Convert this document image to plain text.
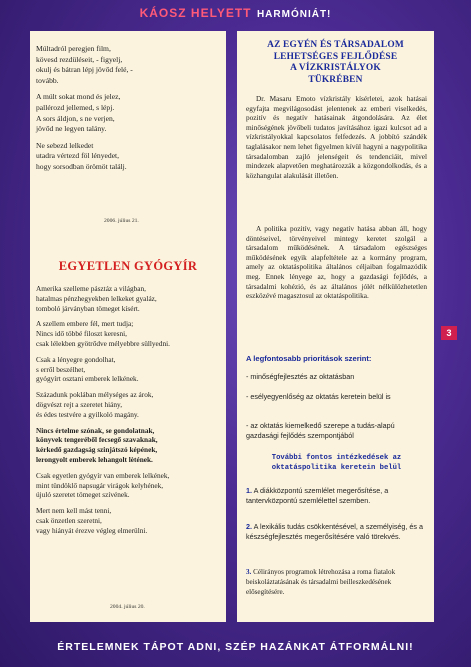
KÁOSZ HELYETT HARMÓNIÁT!

Múltadról peregjen film,
kövesd rezdüléseit, - figyelj,
okulj és bátran lépj jövőd felé, -
tovább.

A múlt sokat mond és jelez,
pallérozd jellemed, s lépj.
A sors áldjon, s ne verjen,
jövőd ne legyen talány.

Ne sebezd lelkedet
utadra vértezd föl lényedet,
hogy sorsodban örömöt találj.

2006. július 21.
EGYETLEN GYÓGYÍR

Amerika szelleme pásztáz a világban,
hatalmas pénzhegyekben lelkeket gyaláz,
tomboló járványban tömeget kísért.

A szellem embere fél, mert tudja;
Nincs idő többé filoszt keresni,
csak lélekben gyötrődve mélyebbre süllyedni.

Csak a lényegre gondolhat,
s erről beszélhet,
gyógyírt osztani emberek lelkének.

Századunk poklában mélységes az árok,
dögvészt rejt a szeretet hiány,
és édes testvére a gyilkoló magány.

Nincs értelme szónak, se gondolatnak,
könyvek tengeréből fecsegő szavaknak,
kérkedő gazdagság szinjátszó képének,
lerongyolt emberek lehangolt lètének.

Csak egyetlen gyógyír van emberek lelkének,
mint tündöklő napsugár virágok kelyhének,
újuló szeretet tömeget szívének.

Mert nem kell mást tenni,
csak önzetlen szeretni,
vagy hiányát érezve végleg elmerülni.

2004. július 20.
AZ EGYÉN ÉS TÁRSADALOM
LEHETSÉGES FEJLŐDÉSE
A VÍZKRISTÁLYOK
TÜKRÉBEN

Dr. Masaru Emoto vízkristály kísérletei, azok hatásai egyfajta megvilágosodást jelentenek az emberi viselkedés, pozitív és negatív hatásainak átgondolására. Az élet minőségének jövőbeli tudatos javításához igazi kulcsot ad a vízkristályokkal kapcsolatos felfedezés. A jobbító szándék taglalásakor nem lehet figyelmen kívül hagyni a nagypolitika társadalomban zajló jelenségeit és tendenciáit, mivel mindezek alapvetően meghatározzák a közgondolkodás, és a közhangulat alakulását illetően.

A politika pozitív, vagy negatív hatása abban áll, hogy döntéseivel, törvényeivel mintegy keretet szolgál a társadalom működésének. A társadalom egészséges működésének egyik alapfeltétele az a kormány program, amely az oktatáspolitika általános céljaiban fogalmazódik meg. Ennek lényege az, hogy a gazdasági fejlődés, a társadalmi kohézió, és az általános jólét nélkülözhetetlen eszközévé magasztosul az oktatáspolitika.

A legfontosabb prioritások szerint:
- minőségfejlesztés az oktatásban
- esélyegyenlőség az oktatás keretein belül is
- az oktatás kiemelkedő szerepe a tudás-alapú gazdasági fejlődés szempontjából
További fontos intézkedések az oktatáspolitika keretein belül
1. A diákközpontú szemlélet megerősítése, a tantervközpontú szemlélettel szemben.
2. A lexikális tudás csökkentésével, a személyiség, és a készségfejlesztés megerősítésére való törekvés.
3. Célirányos programok létrehozása a roma fiatalok beiskoláztatásának és társadalmi beilleszkedésének elősegítésére.
3
ÉRTELEMNEK TÁPOT ADNI, SZÉP HAZÁNKAT ÁTFORMÁLNI!
